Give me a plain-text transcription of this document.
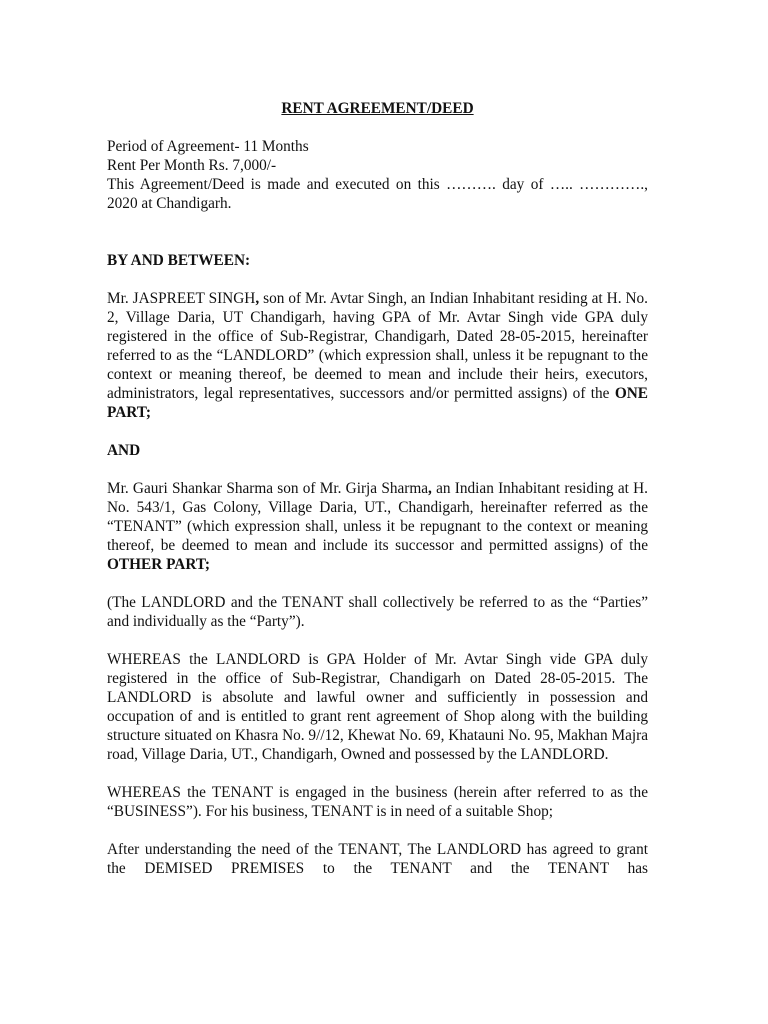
RENT AGREEMENT/DEED

Period of Agreement- 11 Months
Rent Per Month Rs. 7,000/-

This Agreement/Deed is made and executed on this ………. day of ….. …………., 2020 at Chandigarh.

BY AND BETWEEN:

Mr. JASPREET SINGH, son of Mr. Avtar Singh, an Indian Inhabitant residing at H. No. 2, Village Daria, UT Chandigarh, having GPA of Mr. Avtar Singh vide GPA duly registered in the office of Sub-Registrar, Chandigarh, Dated 28-05-2015, hereinafter referred to as the “LANDLORD” (which expression shall, unless it be repugnant to the context or meaning thereof, be deemed to mean and include their heirs, executors, administrators, legal representatives, successors and/or permitted assigns) of the ONE PART;

AND

Mr. Gauri Shankar Sharma son of Mr. Girja Sharma, an Indian Inhabitant residing at H. No. 543/1, Gas Colony, Village Daria, UT., Chandigarh, hereinafter referred as the “TENANT” (which expression shall, unless it be repugnant to the context or meaning thereof, be deemed to mean and include its successor and permitted assigns) of the OTHER PART;

(The LANDLORD and the TENANT shall collectively be referred to as the “Parties” and individually as the “Party”).

WHEREAS the LANDLORD is GPA Holder of Mr. Avtar Singh vide GPA duly registered in the office of Sub-Registrar, Chandigarh on Dated 28-05-2015. The LANDLORD is absolute and lawful owner and sufficiently in possession and occupation of and is entitled to grant rent agreement of Shop along with the building structure situated on Khasra No. 9//12, Khewat No. 69, Khatauni No. 95, Makhan Majra road, Village Daria, UT., Chandigarh, Owned and possessed by the LANDLORD.

WHEREAS the TENANT is engaged in the business (herein after referred to as the “BUSINESS”). For his business, TENANT is in need of a suitable Shop;

After understanding the need of the TENANT, The LANDLORD has agreed to grant the DEMISED PREMISES to the TENANT and the TENANT has
